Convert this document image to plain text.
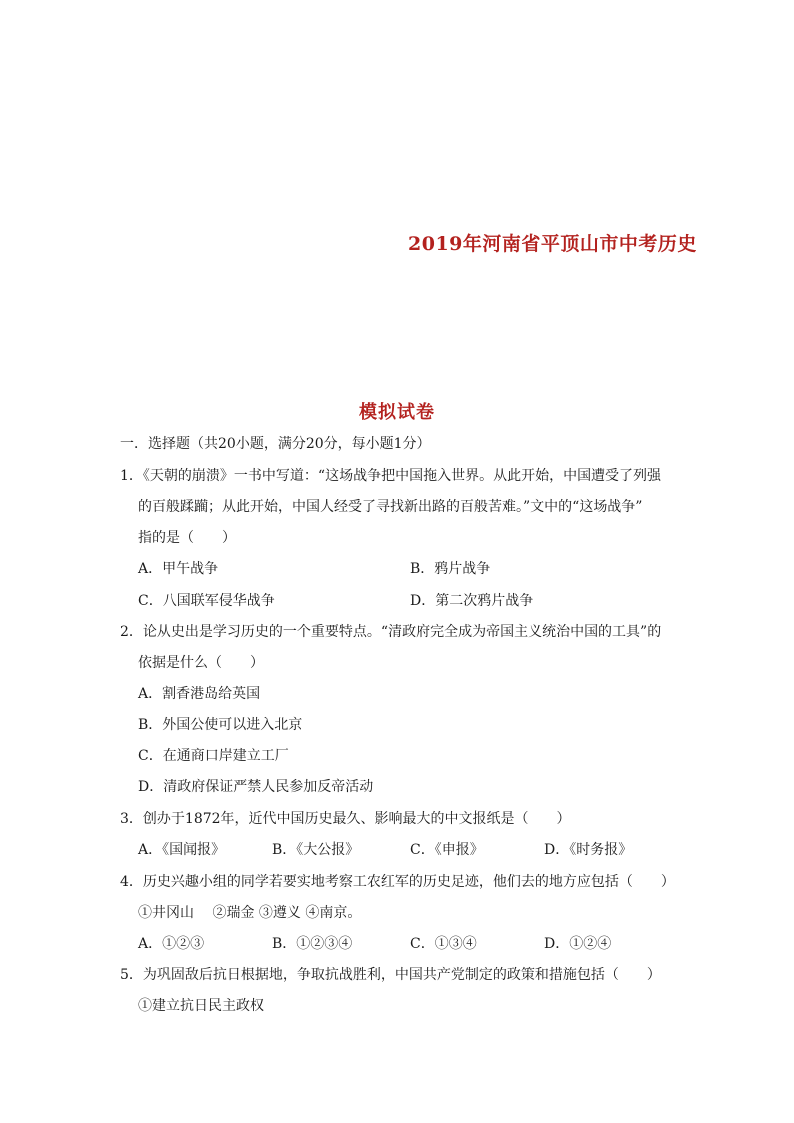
2019年河南省平顶山市中考历史
模拟试卷
一．选择题（共20小题，满分20分，每小题1分）
1．《天朝的崩溃》一书中写道：“这场战争把中国拖入世界。从此开始，中国遭受了列强
的百般蹂躏；从此开始，中国人经受了寻找新出路的百般苦难。”文中的“这场战争”
指的是（　　）
A．甲午战争	B．鸦片战争
C．八国联军侵华战争	D．第二次鸦片战争
2．论从史出是学习历史的一个重要特点。“清政府完全成为帝国主义统治中国的工具”的
依据是什么（　　）
A．割香港岛给英国
B．外国公使可以进入北京
C．在通商口岸建立工厂
D．清政府保证严禁人民参加反帝活动
3．创办于1872年，近代中国历史最久、影响最大的中文报纸是（　　）
A．《国闻报》	B．《大公报》	C．《申报》	D．《时务报》
4．历史兴趣小组的同学若要实地考察工农红军的历史足迹，他们去的地方应包括（　　）
①井冈山　 ②瑞金 ③遵义 ④南京。
A．①②③	B．①②③④	C．①③④	D．①②④
5．为巩固敌后抗日根据地，争取抗战胜利，中国共产党制定的政策和措施包括（　　）
①建立抗日民主政权
